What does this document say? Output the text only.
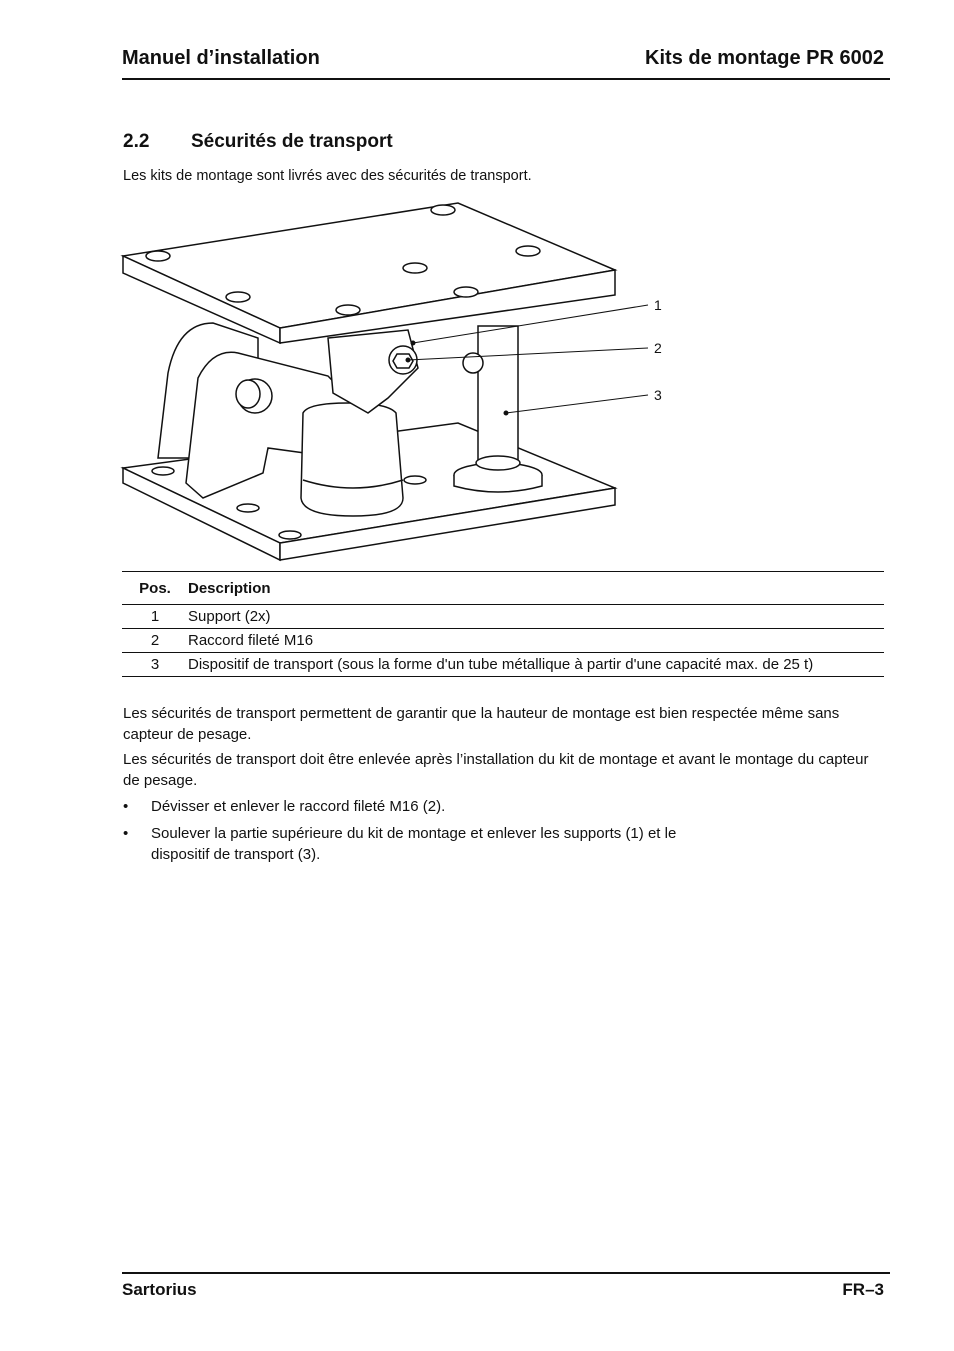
Manuel d’installation	Kits de montage PR 6002
2.2 Sécurités de transport
Les kits de montage sont livrés avec des sécurités de transport.
1
2
3
Pos.	Description
1	Support (2x)
2	Raccord fileté M16
3	Dispositif de transport (sous la forme d'un tube métallique à partir d'une capacité max. de 25 t)
Les sécurités de transport permettent de garantir que la hauteur de montage est bien respectée même sans capteur de pesage.
Les sécurités de transport doit être enlevée après l’installation du kit de montage et avant le montage du capteur de pesage.
• Dévisser et enlever le raccord fileté M16 (2).
• Soulever la partie supérieure du kit de montage et enlever les supports (1) et le dispositif de transport (3).
Sartorius	FR–3
